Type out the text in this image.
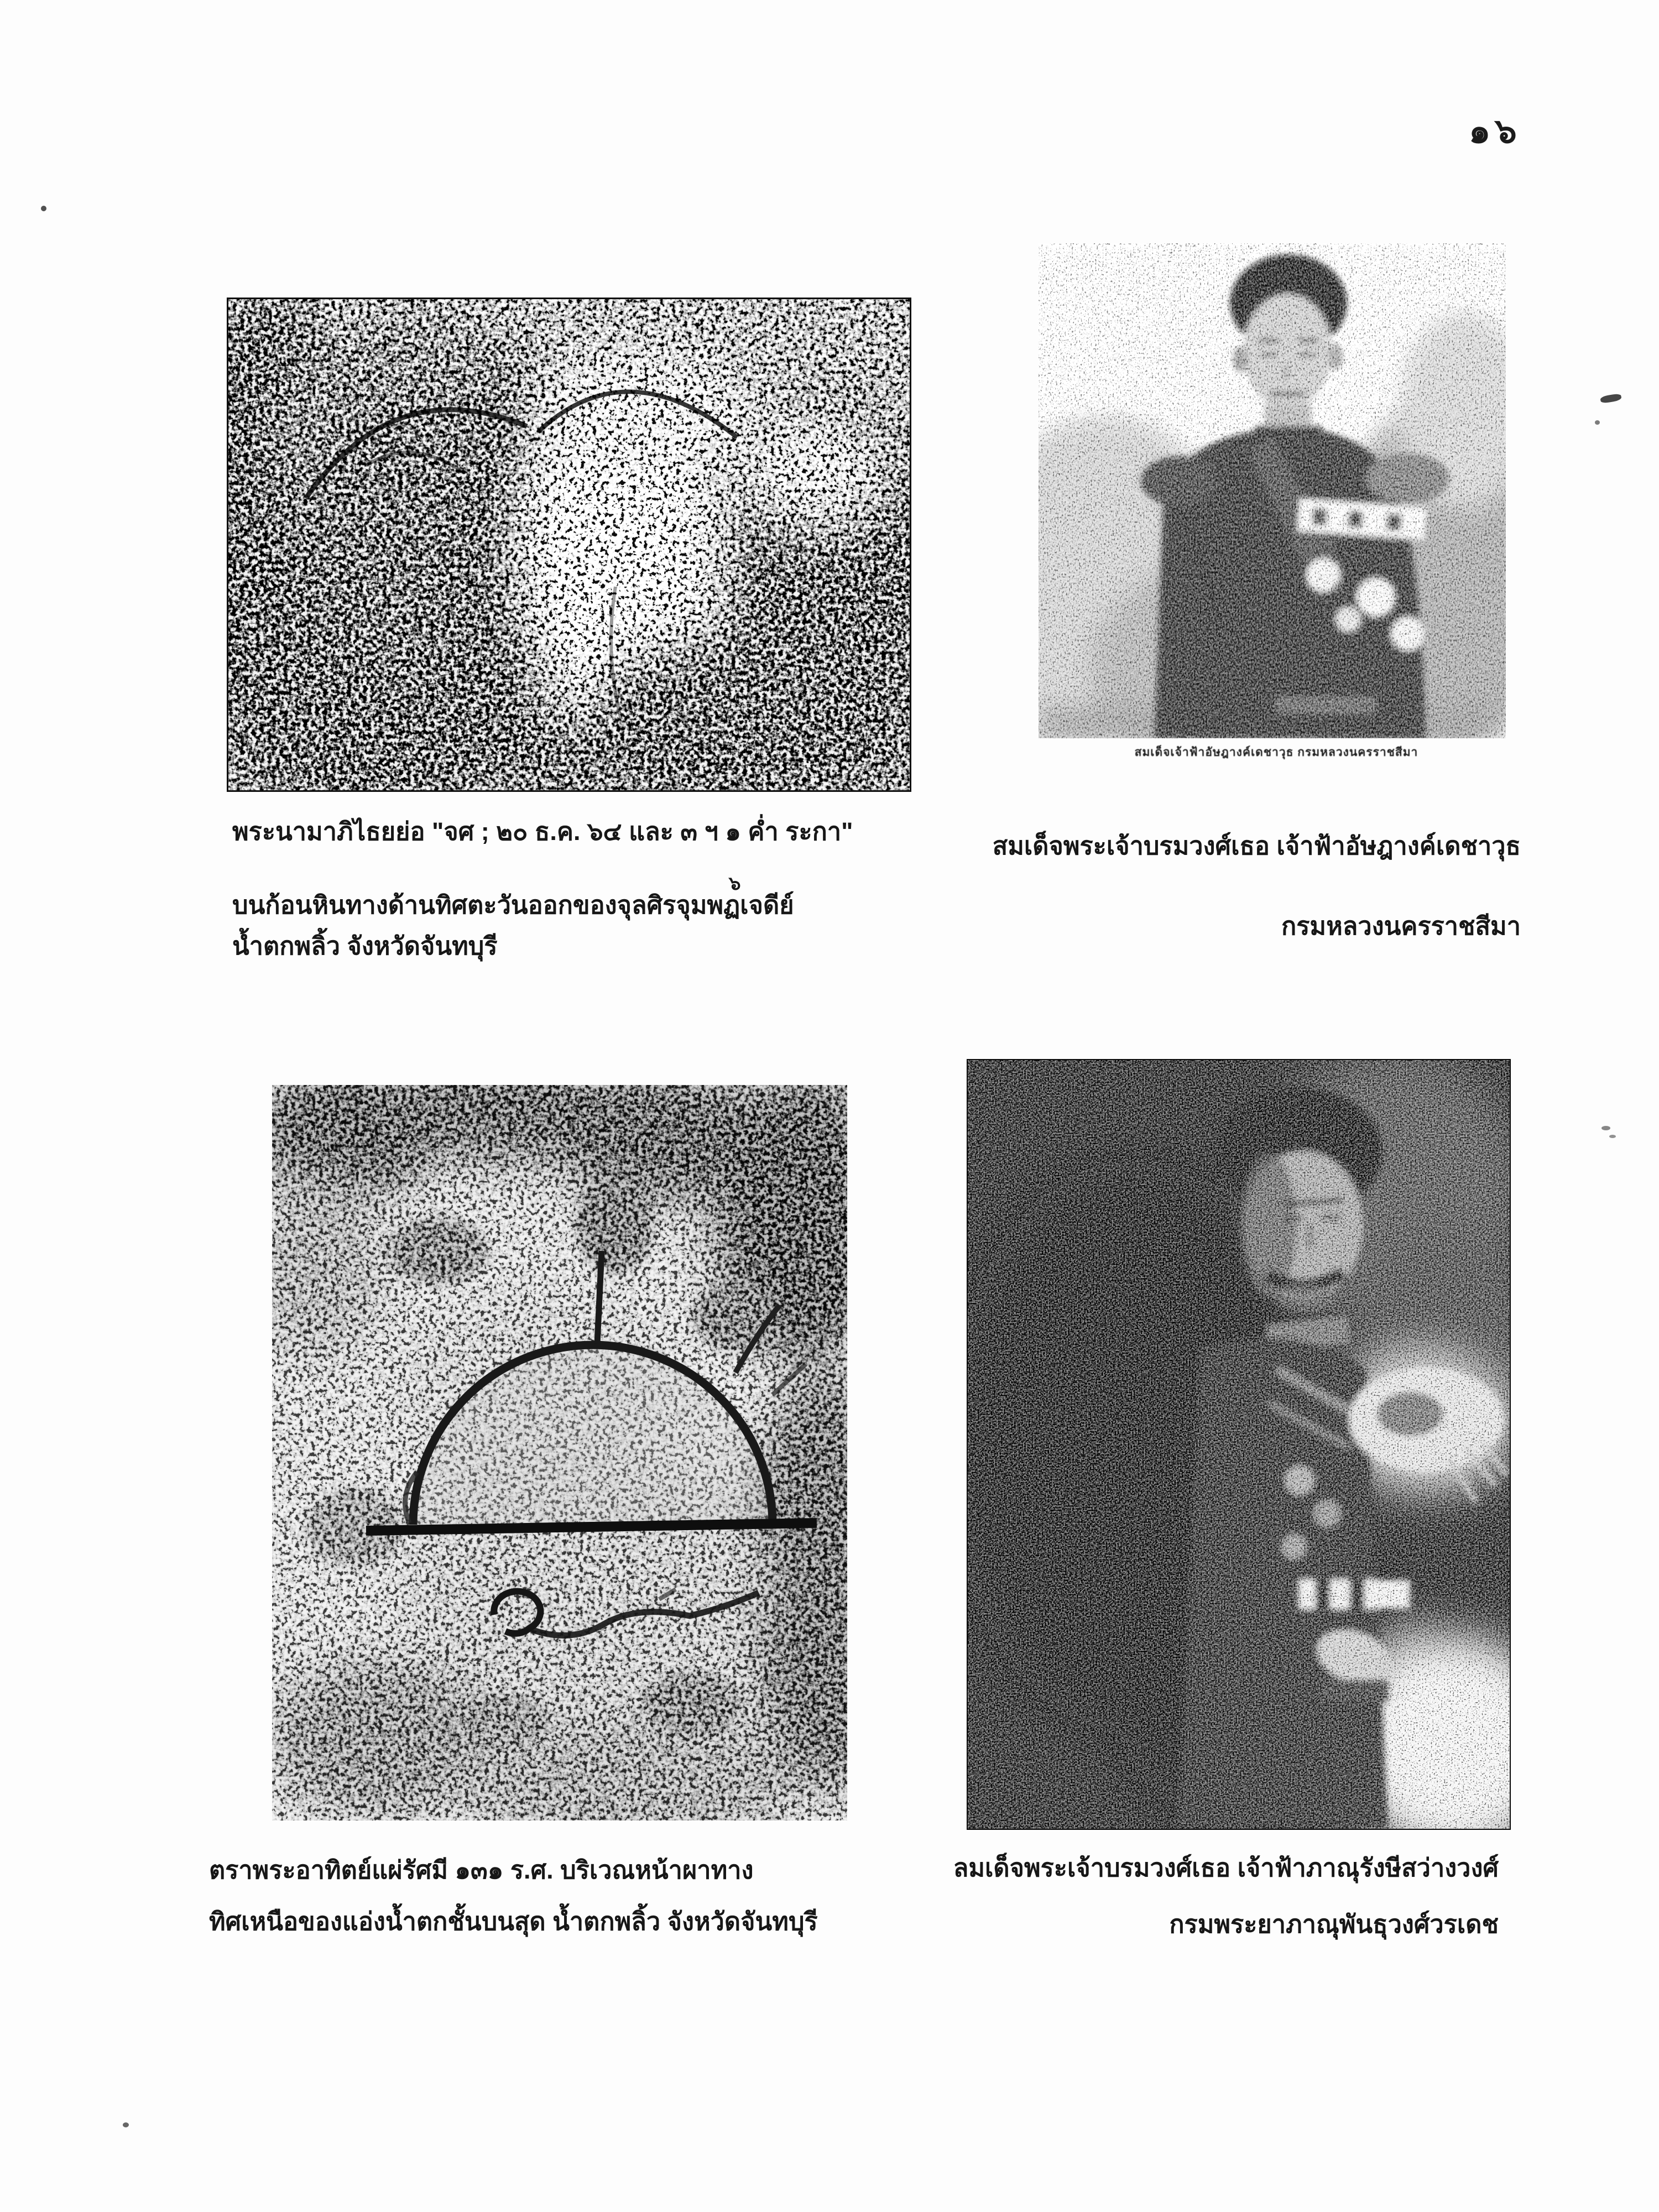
๑๖
สมเด็จเจ้าฟ้าอัษฎางค์เดชาวุธ กรมหลวงนครราชสีมา
พระนามาภิไธยย่อ "จศ ; ๒๐ ธ.ค. ๖๔ และ ๓ ฯ ๑ ค่ำ ระกา"
๖
บนก้อนหินทางด้านทิศตะวันออกของจุลศิรจุมพฏเจดีย์
น้ำตกพลิ้ว จังหวัดจันทบุรี
สมเด็จพระเจ้าบรมวงศ์เธอ เจ้าฟ้าอัษฎางค์เดชาวุธ
กรมหลวงนครราชสีมา
ตราพระอาทิตย์แผ่รัศมี ๑๓๑ ร.ศ. บริเวณหน้าผาทาง
ทิศเหนือของแอ่งน้ำตกชั้นบนสุด น้ำตกพลิ้ว จังหวัดจันทบุรี
ลมเด็จพระเจ้าบรมวงศ์เธอ เจ้าฟ้าภาณุรังษีสว่างวงศ์
กรมพระยาภาณุพันธุวงศ์วรเดช
